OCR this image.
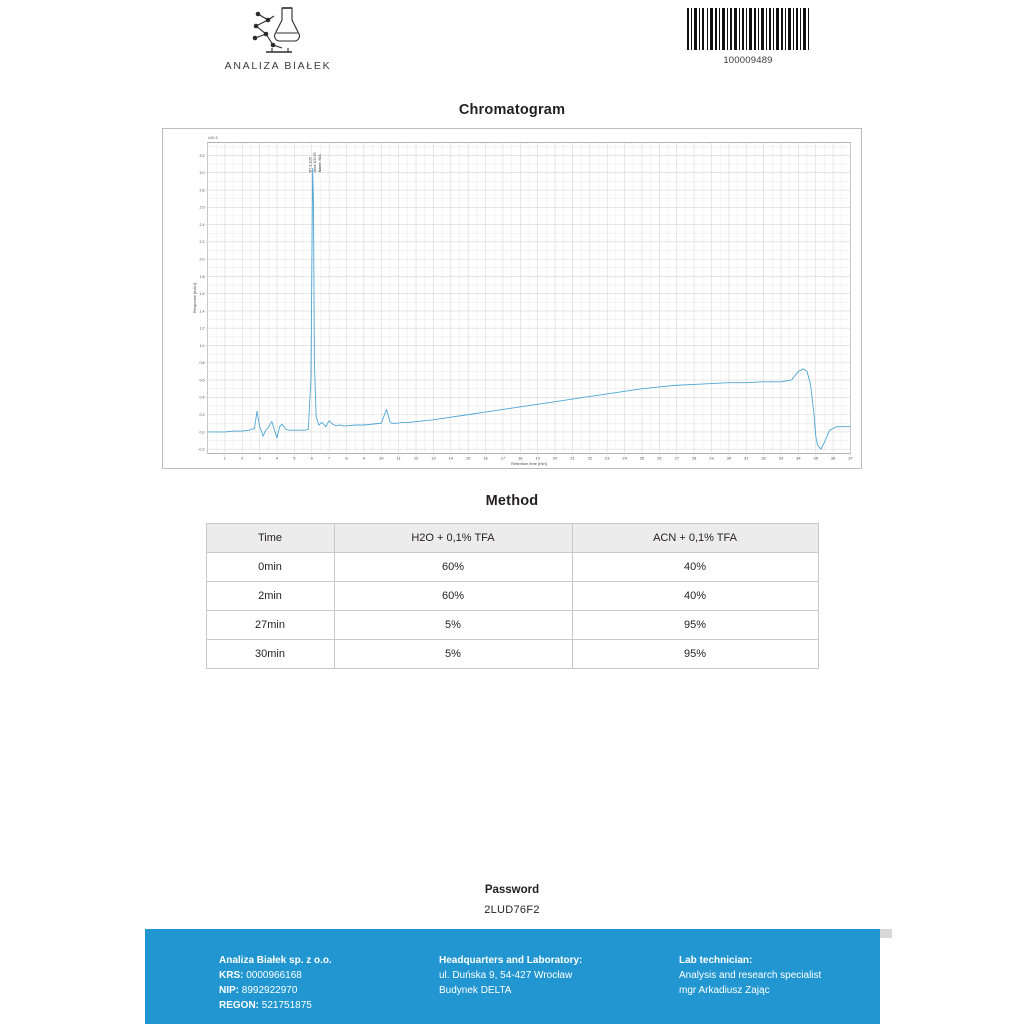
ANALIZA BIAŁEK	100009489
Chromatogram
-0.2
0.0
0.2
0.4
0.6
0.8
1.0
1.2
1.4
1.6
1.8
2.0
2.2
2.4
2.6
2.8
3.0
3.2
1	2	3	4	5	6	7	8	9	10	11	12	13	14	15	16	17	18	19	20	21	22	23	24	25	26	27	28	29	30	31	32	33	34	35	36	37
x10 2
Response [mAU]
Retention time [min]
RT 6.105 Area 100.00 Name: N/A
Method
Time	H2O + 0,1% TFA	ACN + 0,1% TFA
0min	60%	40%
2min	60%	40%
27min	5%	95%
30min	5%	95%
Password
2LUD76F2
Analiza Białek sp. z o.o.
KRS: 0000966168
NIP: 8992922970
REGON: 521751875
Headquarters and Laboratory:
ul. Duńska 9, 54-427 Wrocław
Budynek DELTA
Lab technician:
Analysis and research specialist
mgr Arkadiusz Zając
